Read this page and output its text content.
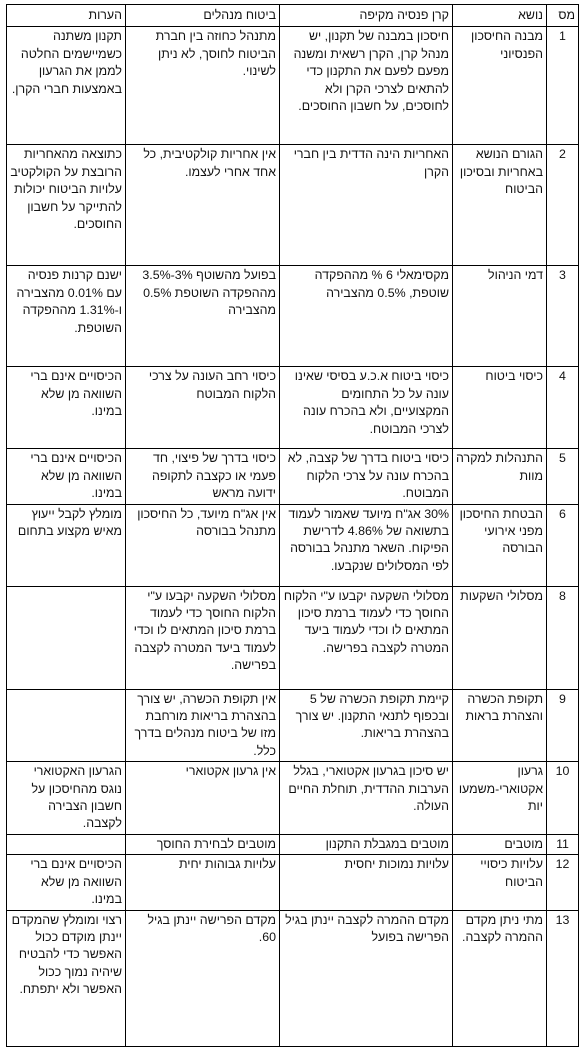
מס	נושא	קרן פנסיה מקיפה	ביטוח מנהלים	הערות
1	מבנה החיסכון הפנסיוני	חיסכון במבנה של תקנון, יש מנהל קרן, הקרן רשאית ומשנה מפעם לפעם את התקנון כדי להתאים לצרכי הקרן ולא לחוסכים, על חשבון החוסכים.	מתנהל כחוזה בין חברת הביטוח לחוסך, לא ניתן לשינוי.	תקנון משתנה כשמיישמים החלטה לממן את הגרעון באמצעות חברי הקרן.
2	הגורם הנושא באחריות ובסיכון הביטוח	האחריות הינה הדדית בין חברי הקרן	אין אחריות קולקטיבית, כל אחד אחרי לעצמו.	כתוצאה מהאחריות הרובצת על הקולקטיב עלויות הביטוח יכולות להתייקר על חשבון החוסכים.
3	דמי הניהול	מקסימאלי 6 % מההפקדה שוטפת, 0.5% מהצבירה	בפועל מהשוטף 3%-3.5% מההפקדה השוטפת 0.5% מהצבירה	ישנם קרנות פנסיה עם 0.01% מהצבירה ו-1.31% מההפקדה השוטפת.
4	כיסוי ביטוח	כיסוי ביטוח א.כ.ע בסיסי שאינו עונה על כל התחומים המקצועיים, ולא בהכרח עונה לצרכי המבוטח.	כיסוי רחב העונה על צרכי הלקוח המבוטח	הכיסויים אינם ברי השוואה מן שלא במינו.
5	התנהלות למקרה מוות	כיסוי ביטוח בדרך של קצבה, לא בהכרח עונה על צרכי הלקוח המבוטח.	כיסוי בדרך של פיצוי, חד פעמי או כקצבה לתקופה ידועה מראש	הכיסויים אינם ברי השוואה מן שלא במינו.
6	הבטחת החיסכון מפני אירועי הבורסה	30% אג"ח מיועד שאמור לעמוד בתשואה של 4.86% לדרישת הפיקוח. השאר מתנהל בבורסה לפי המסלולים שנקבעו.	אין אג"ח מיועד, כל החיסכון מתנהל בבורסה	מומלץ לקבל ייעוץ מאיש מקצוע בתחום
8	מסלולי השקעות	מסלולי השקעה יקבעו ע"י הלקוח החוסך כדי לעמוד ברמת סיכון המתאים לו וכדי לעמוד ביעד המטרה לקצבה בפרישה.	מסלולי השקעה יקבעו ע"י הלקוח החוסך כדי לעמוד ברמת סיכון המתאים לו וכדי לעמוד ביעד המטרה לקצבה בפרישה.	
9	תקופת הכשרה והצהרת בראות	קיימת תקופת הכשרה של 5 ובכפוף לתנאי התקנון. יש צורך בהצהרת בריאות.	אין תקופת הכשרה, יש צורך בהצהרת בריאות מורחבת מזו של ביטוח מנהלים בדרך כלל.	
10	גרעון אקטוארי-משמעויות	יש סיכון בגרעון אקטוארי, בגלל הערבות ההדדית, תוחלת החיים העולה.	אין גרעון אקטוארי	הגרעון האקטוארי נוגס מהחיסכון על חשבון הצבירה לקצבה.
11	מוטבים	מוטבים במגבלת התקנון	מוטבים לבחירת החוסך	
12	עלויות כיסויי הביטוח	עלויות נמוכות יחסית	עלויות גבוהות יחית	הכיסויים אינם ברי השוואה מן שלא במינו.
13	מתי ניתן מקדם ההמרה לקצבה.	מקדם ההמרה לקצבה יינתן בגיל הפרישה בפועל	מקדם הפרישה יינתן בגיל 60.	רצוי ומומלץ שהמקדם יינתן מוקדם ככול האפשר כדי להבטיח שיהיה נמוך ככול האפשר ולא יתפתח.
